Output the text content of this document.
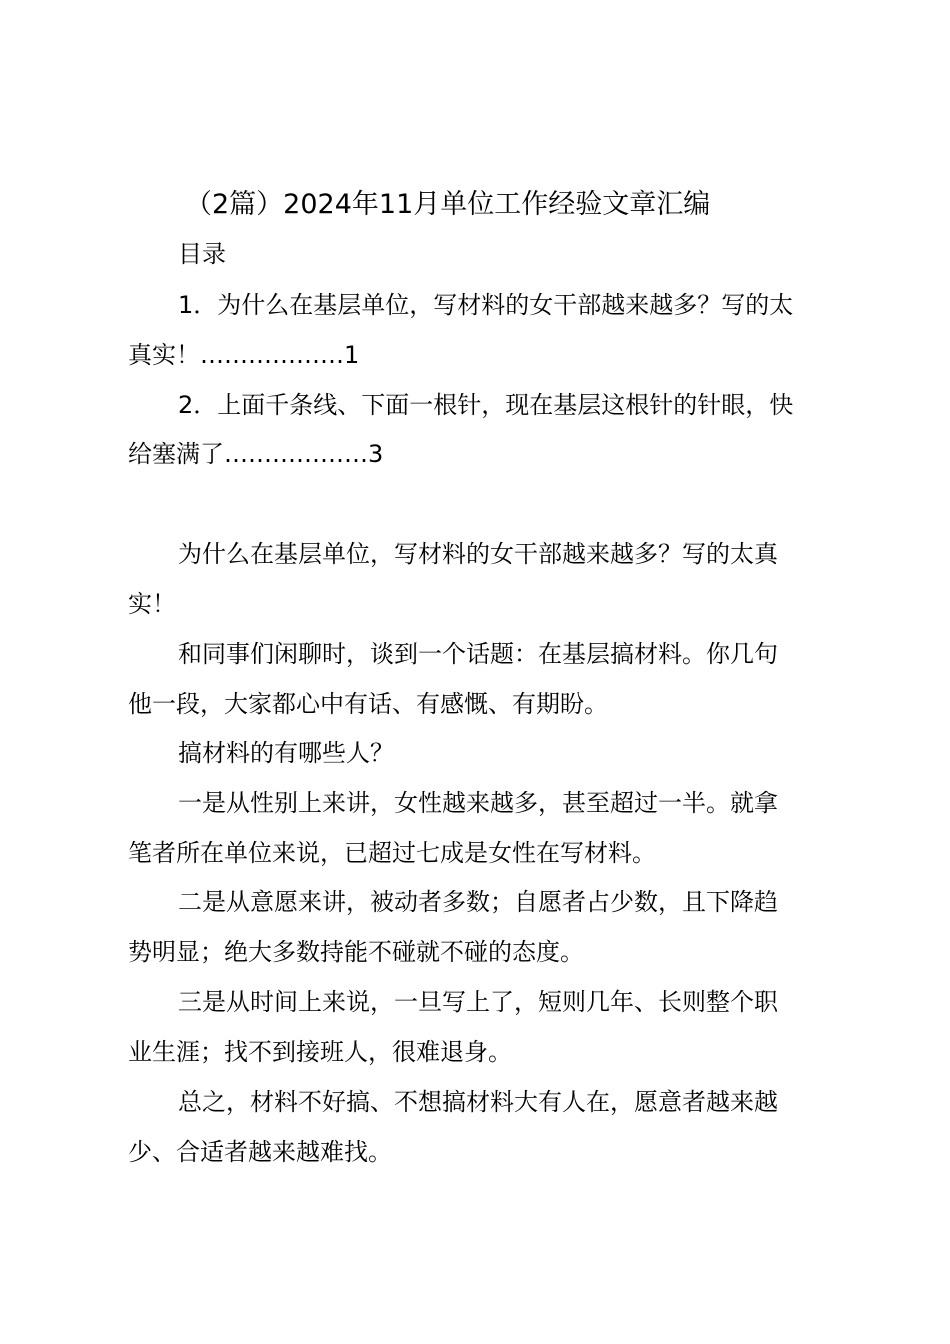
（2篇）2024年11月单位工作经验文章汇编
目录
1．为什么在基层单位，写材料的女干部越来越多？写的太
真实！………………1
2．上面千条线、下面一根针，现在基层这根针的针眼，快
给塞满了………………3
为什么在基层单位，写材料的女干部越来越多？写的太真
实！
和同事们闲聊时，谈到一个话题：在基层搞材料。你几句
他一段，大家都心中有话、有感慨、有期盼。
搞材料的有哪些人？
一是从性别上来讲，女性越来越多，甚至超过一半。就拿
笔者所在单位来说，已超过七成是女性在写材料。
二是从意愿来讲，被动者多数；自愿者占少数，且下降趋
势明显；绝大多数持能不碰就不碰的态度。
三是从时间上来说，一旦写上了，短则几年、长则整个职
业生涯；找不到接班人，很难退身。
总之，材料不好搞、不想搞材料大有人在，愿意者越来越
少、合适者越来越难找。
